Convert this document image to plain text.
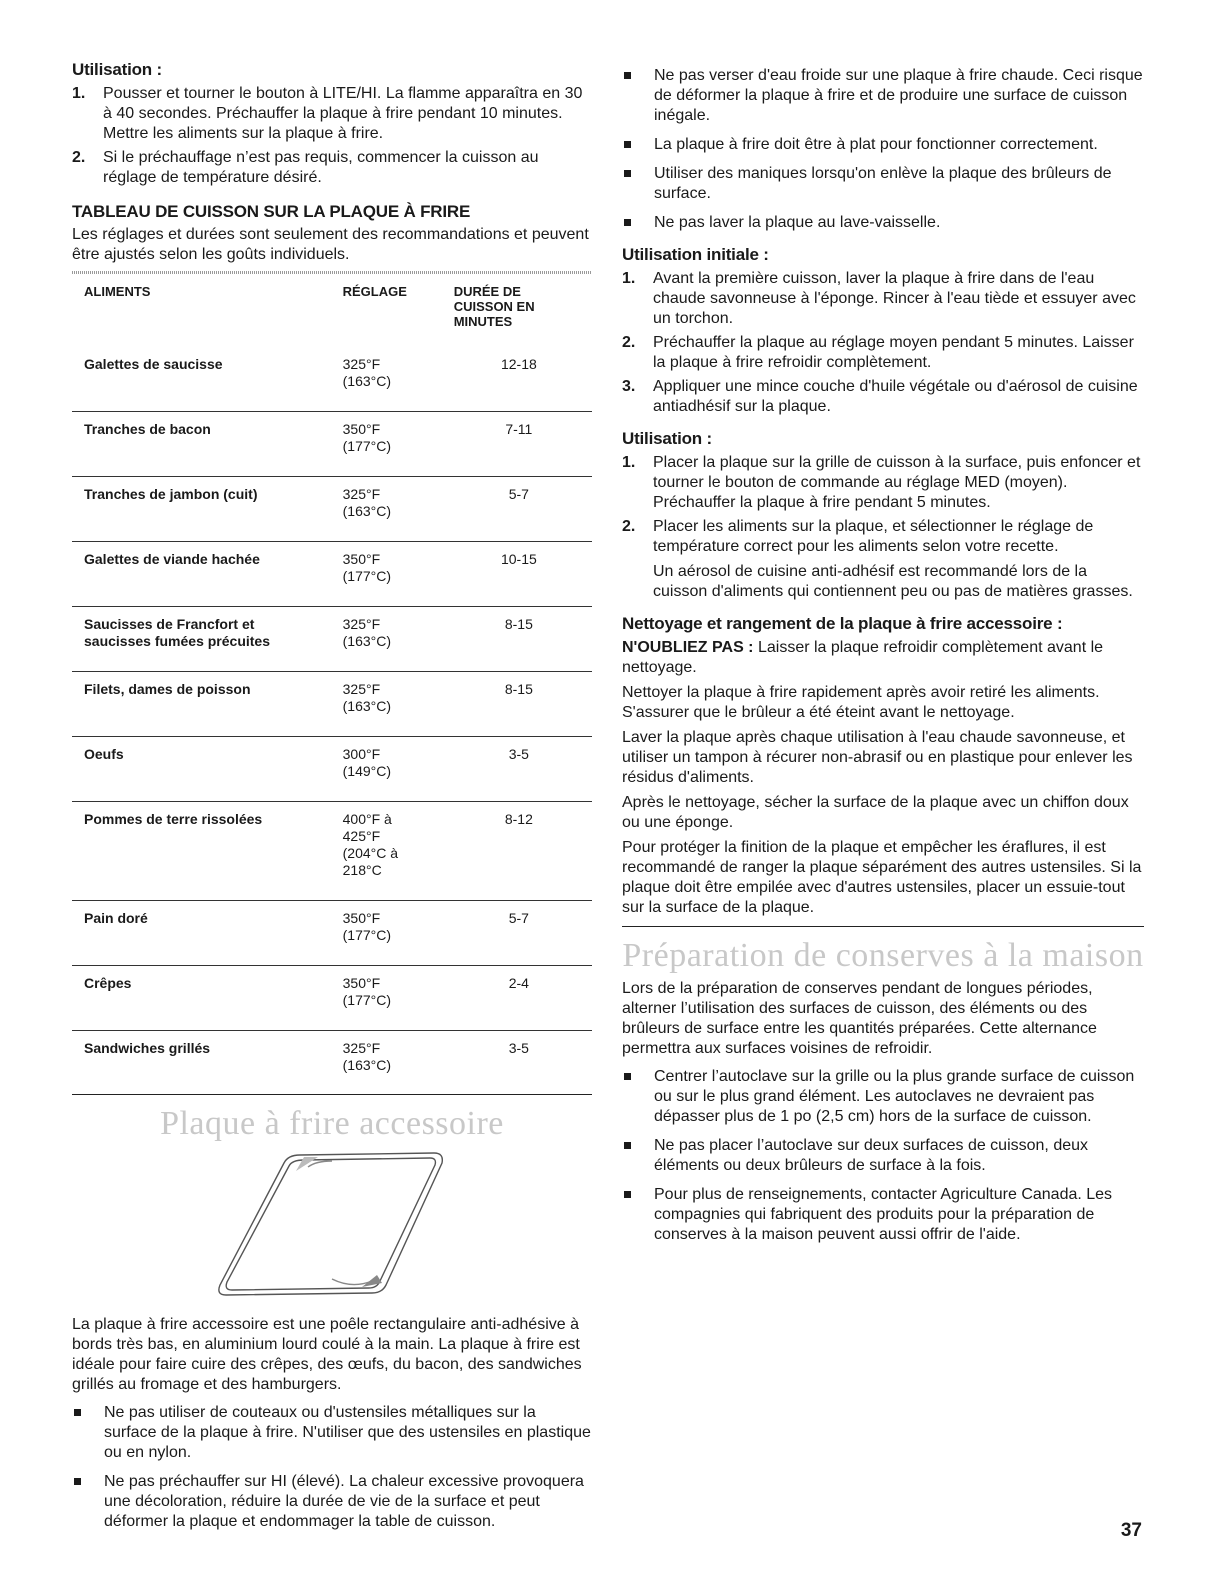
Utilisation :
1. Pousser et tourner le bouton à LITE/HI. La flamme apparaîtra en 30 à 40 secondes. Préchauffer la plaque à frire pendant 10 minutes. Mettre les aliments sur la plaque à frire.
2. Si le préchauffage n’est pas requis, commencer la cuisson au réglage de température désiré.
TABLEAU DE CUISSON SUR LA PLAQUE À FRIRE
Les réglages et durées sont seulement des recommandations et peuvent être ajustés selon les goûts individuels.
ALIMENTS	RÉGLAGE	DURÉE DE CUISSON EN MINUTES
Galettes de saucisse	325°F (163°C)	12-18
Tranches de bacon	350°F (177°C)	7-11
Tranches de jambon (cuit)	325°F (163°C)	5-7
Galettes de viande hachée	350°F (177°C)	10-15
Saucisses de Francfort et saucisses fumées précuites	325°F (163°C)	8-15
Filets, dames de poisson	325°F (163°C)	8-15
Oeufs	300°F (149°C)	3-5
Pommes de terre rissolées	400°F à 425°F (204°C à 218°C	8-12
Pain doré	350°F (177°C)	5-7
Crêpes	350°F (177°C)	2-4
Sandwiches grillés	325°F (163°C)	3-5
Plaque à frire accessoire
La plaque à frire accessoire est une poêle rectangulaire anti-adhésive à bords très bas, en aluminium lourd coulé à la main. La plaque à frire est idéale pour faire cuire des crêpes, des œufs, du bacon, des sandwiches grillés au fromage et des hamburgers.
Ne pas utiliser de couteaux ou d'ustensiles métalliques sur la surface de la plaque à frire. N'utiliser que des ustensiles en plastique ou en nylon.
Ne pas préchauffer sur HI (élevé). La chaleur excessive provoquera une décoloration, réduire la durée de vie de la surface et peut déformer la plaque et endommager la table de cuisson.
Ne pas verser d'eau froide sur une plaque à frire chaude. Ceci risque de déformer la plaque à frire et de produire une surface de cuisson inégale.
La plaque à frire doit être à plat pour fonctionner correctement.
Utiliser des maniques lorsqu'on enlève la plaque des brûleurs de surface.
Ne pas laver la plaque au lave-vaisselle.
Utilisation initiale :
1. Avant la première cuisson, laver la plaque à frire dans de l'eau chaude savonneuse à l'éponge. Rincer à l'eau tiède et essuyer avec un torchon.
2. Préchauffer la plaque au réglage moyen pendant 5 minutes. Laisser la plaque à frire refroidir complètement.
3. Appliquer une mince couche d'huile végétale ou d'aérosol de cuisine antiadhésif sur la plaque.
Utilisation :
1. Placer la plaque sur la grille de cuisson à la surface, puis enfoncer et tourner le bouton de commande au réglage MED (moyen). Préchauffer la plaque à frire pendant 5 minutes.
2. Placer les aliments sur la plaque, et sélectionner le réglage de température correct pour les aliments selon votre recette.
Un aérosol de cuisine anti-adhésif est recommandé lors de la cuisson d'aliments qui contiennent peu ou pas de matières grasses.
Nettoyage et rangement de la plaque à frire accessoire :
N'OUBLIEZ PAS : Laisser la plaque refroidir complètement avant le nettoyage.
Nettoyer la plaque à frire rapidement après avoir retiré les aliments. S'assurer que le brûleur a été éteint avant le nettoyage.
Laver la plaque après chaque utilisation à l'eau chaude savonneuse, et utiliser un tampon à récurer non-abrasif ou en plastique pour enlever les résidus d'aliments.
Après le nettoyage, sécher la surface de la plaque avec un chiffon doux ou une éponge.
Pour protéger la finition de la plaque et empêcher les éraflures, il est recommandé de ranger la plaque séparément des autres ustensiles. Si la plaque doit être empilée avec d'autres ustensiles, placer un essuie-tout sur la surface de la plaque.
Préparation de conserves à la maison
Lors de la préparation de conserves pendant de longues périodes, alterner l’utilisation des surfaces de cuisson, des éléments ou des brûleurs de surface entre les quantités préparées. Cette alternance permettra aux surfaces voisines de refroidir.
Centrer l’autoclave sur la grille ou la plus grande surface de cuisson ou sur le plus grand élément. Les autoclaves ne devraient pas dépasser plus de 1 po (2,5 cm) hors de la surface de cuisson.
Ne pas placer l’autoclave sur deux surfaces de cuisson, deux éléments ou deux brûleurs de surface à la fois.
Pour plus de renseignements, contacter Agriculture Canada. Les compagnies qui fabriquent des produits pour la préparation de conserves à la maison peuvent aussi offrir de l'aide.
37
